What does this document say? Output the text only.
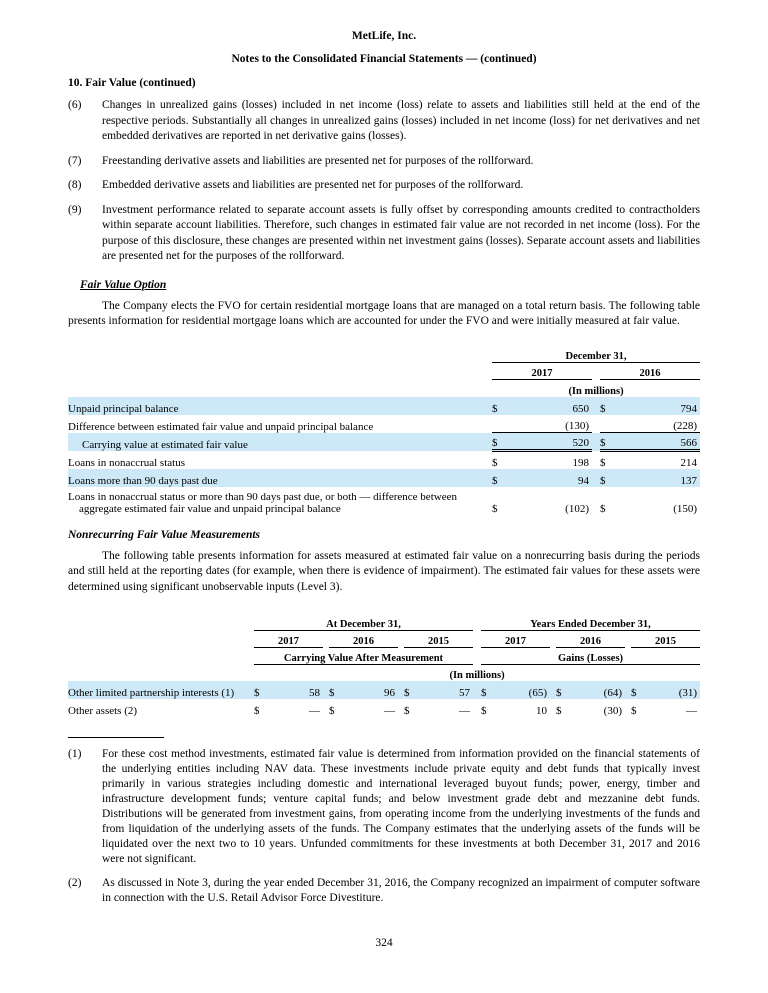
MetLife, Inc.
Notes to the Consolidated Financial Statements — (continued)
10. Fair Value (continued)
(6)	Changes in unrealized gains (losses) included in net income (loss) relate to assets and liabilities still held at the end of the respective periods. Substantially all changes in unrealized gains (losses) included in net income (loss) for net derivatives and net embedded derivatives are reported in net derivative gains (losses).
(7)	Freestanding derivative assets and liabilities are presented net for purposes of the rollforward.
(8)	Embedded derivative assets and liabilities are presented net for purposes of the rollforward.
(9)	Investment performance related to separate account assets is fully offset by corresponding amounts credited to contractholders within separate account liabilities. Therefore, such changes in estimated fair value are not recorded in net income (loss). For the purpose of this disclosure, these changes are presented within net investment gains (losses). Separate account assets and liabilities are presented net for the purposes of the rollforward.
Fair Value Option

The Company elects the FVO for certain residential mortgage loans that are managed on a total return basis. The following table presents information for residential mortgage loans which are accounted for under the FVO and were initially measured at fair value.

	December 31,				
	2017			2016	
	(In millions)				
Unpaid principal balance	$	650		$	794
Difference between estimated fair value and unpaid principal balance		(130)			(228)
Carrying value at estimated fair value	$	520		$	566
Loans in nonaccrual status	$	198		$	214
Loans more than 90 days past due	$	94		$	137
Loans in nonaccrual status or more than 90 days past due, or both — difference between
aggregate estimated fair value and unpaid principal balance	$	(102)		$	(150)
Nonrecurring Fair Value Measurements

The following table presents information for assets measured at estimated fair value on a nonrecurring basis during the periods and still held at the reporting dates (for example, when there is evidence of impairment). The estimated fair values for these assets were determined using significant unobservable inputs (Level 3).

	At December 31,									Years Ended December 31,							
	2017			2016			2015			2017			2016			2015	
	Carrying Value After Measurement									Gains (Losses)							
	(In millions)																
Other limited partnership interests (1)	$	58		$	96		$	57		$	(65)		$	(64)		$	(31)
Other assets (2)	$	—		$	—		$	—		$	10		$	(30)		$	—
(1)	For these cost method investments, estimated fair value is determined from information provided on the financial statements of the underlying entities including NAV data. These investments include private equity and debt funds that typically invest primarily in various strategies including domestic and international leveraged buyout funds; power, energy, timber and infrastructure development funds; venture capital funds; and below investment grade debt and mezzanine debt funds. Distributions will be generated from investment gains, from operating income from the underlying investments of the funds and from liquidation of the underlying assets of the funds. The Company estimates that the underlying assets of the funds will be liquidated over the next two to 10 years. Unfunded commitments for these investments at both December 31, 2017 and 2016 were not significant.
(2)	As discussed in Note 3, during the year ended December 31, 2016, the Company recognized an impairment of computer software in connection with the U.S. Retail Advisor Force Divestiture.
324
